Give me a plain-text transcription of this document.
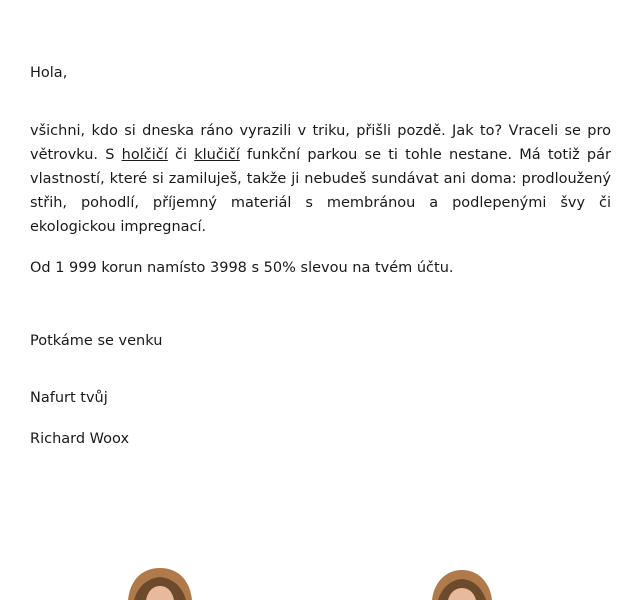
Hola,

všichni, kdo si dneska ráno vyrazili v triku, přišli pozdě. Jak to? Vraceli se pro větrovku. S holčičí či klučičí funkční parkou se ti tohle nestane. Má totiž pár vlastností, které si zamiluješ, takže ji nebudeš sundávat ani doma: prodloužený střih, pohodlí, příjemný materiál s membránou a podlepenými švy či ekologickou impregnací.

Od 1 999 korun namísto 3998 s 50% slevou na tvém účtu.

Potkáme se venku

Nafurt tvůj

Richard Woox
